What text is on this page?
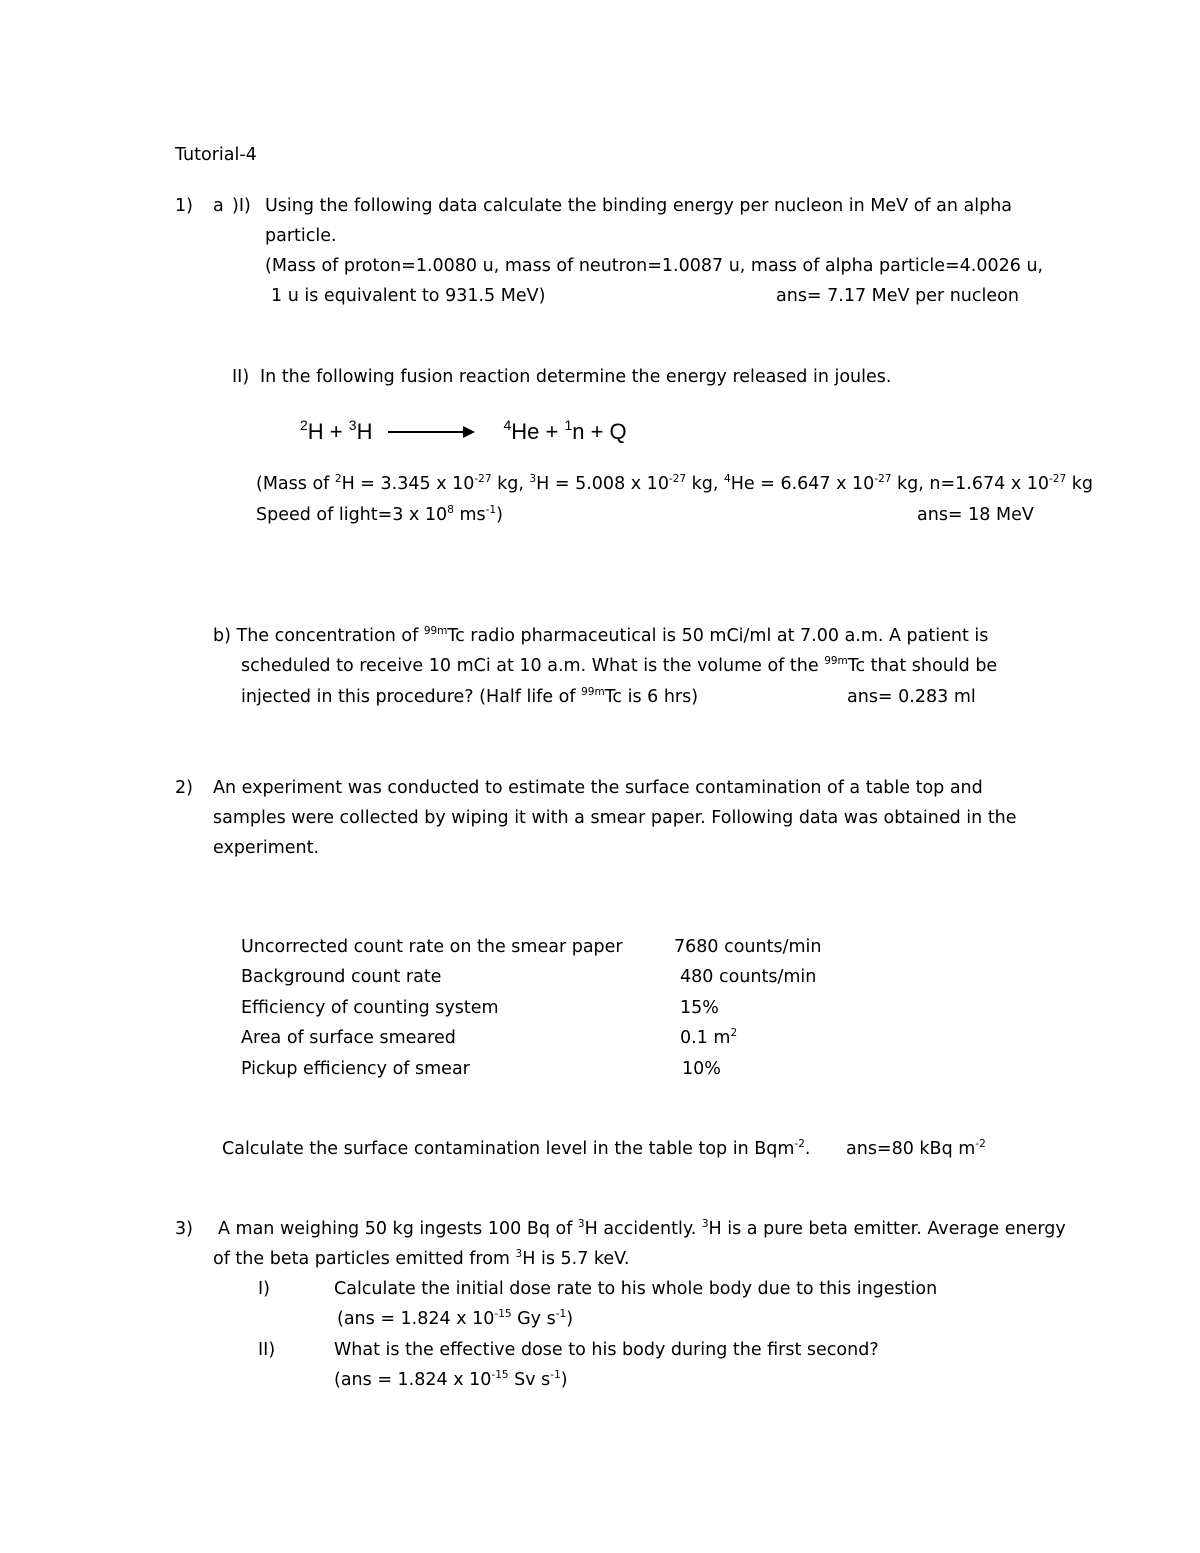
Tutorial-4
1) a )I) Using the following data calculate the binding energy per nucleon in MeV of an alpha
particle.
(Mass of proton=1.0080 u, mass of neutron=1.0087 u, mass of alpha particle=4.0026 u,
1 u is equivalent to 931.5 MeV)	ans= 7.17 MeV per nucleon
II) In the following fusion reaction determine the energy released in joules.
$^2$H + $^3$H	$^4$He + $^1$n + Q
(Mass of $^2$H = 3.345 x $10^{-27}$ kg, $^3$H = 5.008 x $10^{-27}$ kg, $^4$He = 6.647 x $10^{-27}$ kg, n=1.674 x $10^{-27}$ kg
Speed of light=3 x $10^8$ $ms^{-1}$)	ans= 18 MeV
b) The concentration of $^{99m}$Tc radio pharmaceutical is 50 mCi/ml at 7.00 a.m. A patient is
scheduled to receive 10 mCi at 10 a.m. What is the volume of the $^{99m}$Tc that should be
injected in this procedure? (Half life of $^{99m}$Tc is 6 hrs)	ans= 0.283 ml
2) An experiment was conducted to estimate the surface contamination of a table top and
samples were collected by wiping it with a smear paper. Following data was obtained in the
experiment.
Uncorrected count rate on the smear paper	7680 counts/min
Background count rate	480 counts/min
Efficiency of counting system	15%
Area of surface smeared	0.1 $m^2$
Pickup efficiency of smear	10%
Calculate the surface contamination level in the table top in Bqm$^{-2}$. ans=80 kBq $m^{-2}$
3) A man weighing 50 kg ingests 100 Bq of $^3$H accidently. $^3$H is a pure beta emitter. Average energy
of the beta particles emitted from $^3$H is 5.7 keV.
I)	Calculate the initial dose rate to his whole body due to this ingestion
(ans = 1.824 x $10^{-15}$ Gy $s^{-1}$)
II)	What is the effective dose to his body during the first second?
(ans = 1.824 x $10^{-15}$ Sv $s^{-1}$)
